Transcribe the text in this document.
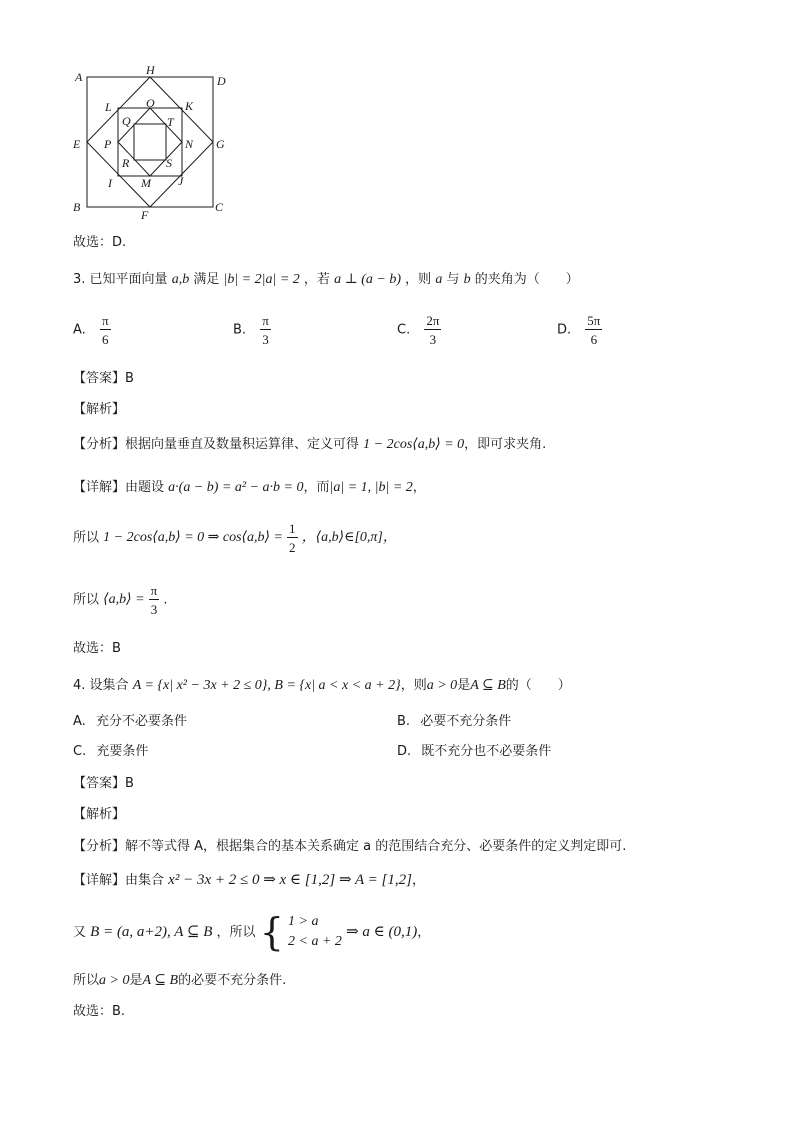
A	H
D
L	O	K
Q	T
E P	N G
R	S
I M J
B
F
C
故选：D.
3. 已知平面向量 a,b 满足 |b| = 2|a| = 2 ，若 a ⊥ (a − b) ，则 a 与 b 的夹角为（　　）
A. $\frac{\pi}{6}$	B. $\frac{\pi}{3}$	C. $\frac{2\pi}{3}$	D. $\frac{5\pi}{6}$
【答案】B
【解析】
【分析】根据向量垂直及数量积运算律、定义可得 1 − 2cos⟨a,b⟩ = 0，即可求夹角.
【详解】由题设 a·(a − b) = a² − a·b = 0，而|a| = 1, |b| = 2，
所以 1 − 2cos⟨a,b⟩ = 0 ⇒ cos⟨a,b⟩ = $\frac{1}{2}$ ，⟨a,b⟩∈[0,π]，
所以 ⟨a,b⟩ = $\frac{\pi}{3}$ .
故选：B
4. 设集合 A = {x| x² − 3x + 2 ≤ 0}, B = {x| a < x < a + 2}，则a > 0是A ⊆ B的（　　）
A. 充分不必要条件	B. 必要不充分条件
C. 充要条件	D. 既不充分也不必要条件
【答案】B
【解析】
【分析】解不等式得 A，根据集合的基本关系确定 a 的范围结合充分、必要条件的定义判定即可.
【详解】由集合 x² − 3x + 2 ≤ 0 ⇒ x ∈ [1,2] ⇒ A = [1,2]，
又 B = (a, a+2), A ⊆ B ，所以 { 1 > a
2 < a + 2
⇒ a ∈ (0,1)，
所以a > 0是A ⊆ B的必要不充分条件.
故选：B.
